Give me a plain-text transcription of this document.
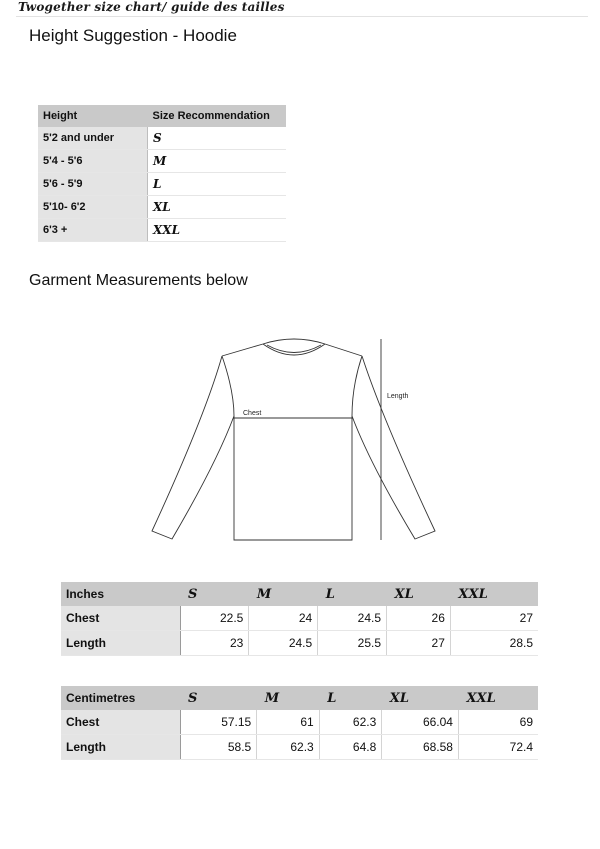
Twogether size chart/ guide des tailles
Height Suggestion - Hoodie
Height	Size Recommendation
5'2 and under	S
5'4 - 5'6	M
5'6 - 5'9	L
5'10- 6'2	XL
6'3 +	XXL
Garment Measurements below
Chest
Length
Inches	S	M	L	XL	XXL
Chest	22.5	24	24.5	26	27
Length	23	24.5	25.5	27	28.5
Centimetres	S	M	L	XL	XXL
Chest	57.15	61	62.3	66.04	69
Length	58.5	62.3	64.8	68.58	72.4
